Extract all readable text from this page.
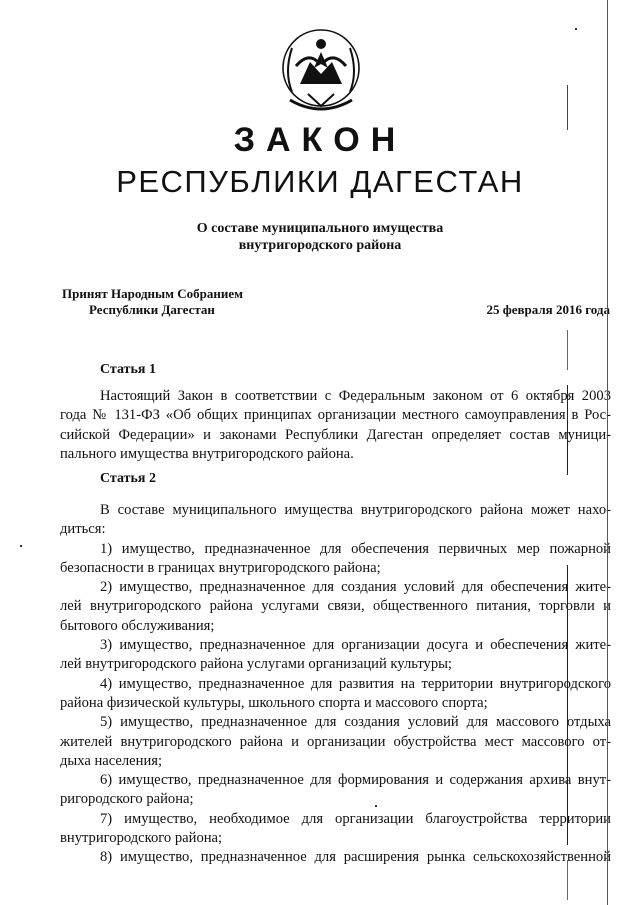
ЗАКОН
РЕСПУБЛИКИ ДАГЕСТАН
О составе муниципального имущества
внутригородского района
Принят Народным Собранием
Республики Дагестан	25 февраля 2016 года
Статья 1
Настоящий Закон в соответствии с Федеральным законом от 6 октября 2003
года № 131-ФЗ «Об общих принципах организации местного самоуправления в Рос-
сийской Федерации» и законами Республики Дагестан определяет состав муници-
пального имущества внутригородского района.
Статья 2
В составе муниципального имущества внутригородского района может нахо-
диться:
1) имущество, предназначенное для обеспечения первичных мер пожарной
безопасности в границах внутригородского района;
2) имущество, предназначенное для создания условий для обеспечения жите-
лей внутригородского района услугами связи, общественного питания, торговли и
бытового обслуживания;
3) имущество, предназначенное для организации досуга и обеспечения жите-
лей внутригородского района услугами организаций культуры;
4) имущество, предназначенное для развития на территории внутригородского
района физической культуры, школьного спорта и массового спорта;
5) имущество, предназначенное для создания условий для массового отдыха
жителей внутригородского района и организации обустройства мест массового от-
дыха населения;
6) имущество, предназначенное для формирования и содержания архива внут-
ригородского района;
7) имущество, необходимое для организации благоустройства территории
внутригородского района;
8) имущество, предназначенное для расширения рынка сельскохозяйственной
